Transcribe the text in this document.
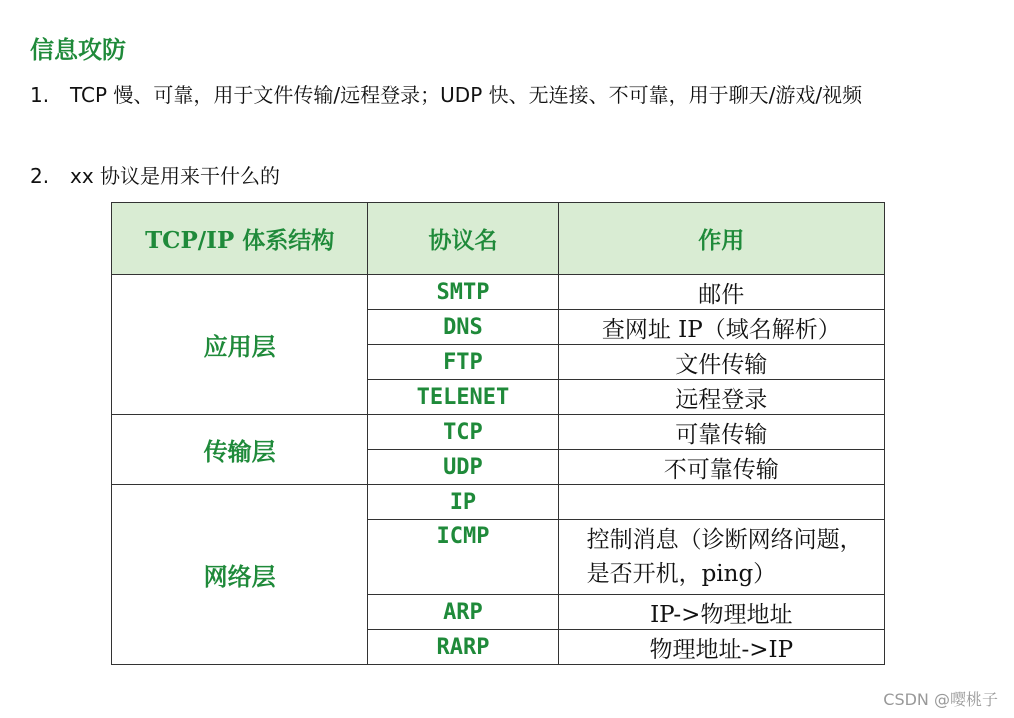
信息攻防
1.	TCP 慢、可靠，用于文件传输/远程登录；UDP 快、无连接、不可靠，用于聊天/游戏/视频
2.	xx 协议是用来干什么的
TCP/IP 体系结构	协议名	作用
应用层	SMTP	邮件
	DNS	查网址 IP（域名解析）
	FTP	文件传输
	TELENET	远程登录
传输层	TCP	可靠传输
	UDP	不可靠传输
网络层	IP	
	ICMP	控制消息（诊断网络问题，是否开机，ping）
	ARP	IP->物理地址
	RARP	物理地址->IP
CSDN @嘤桃子
